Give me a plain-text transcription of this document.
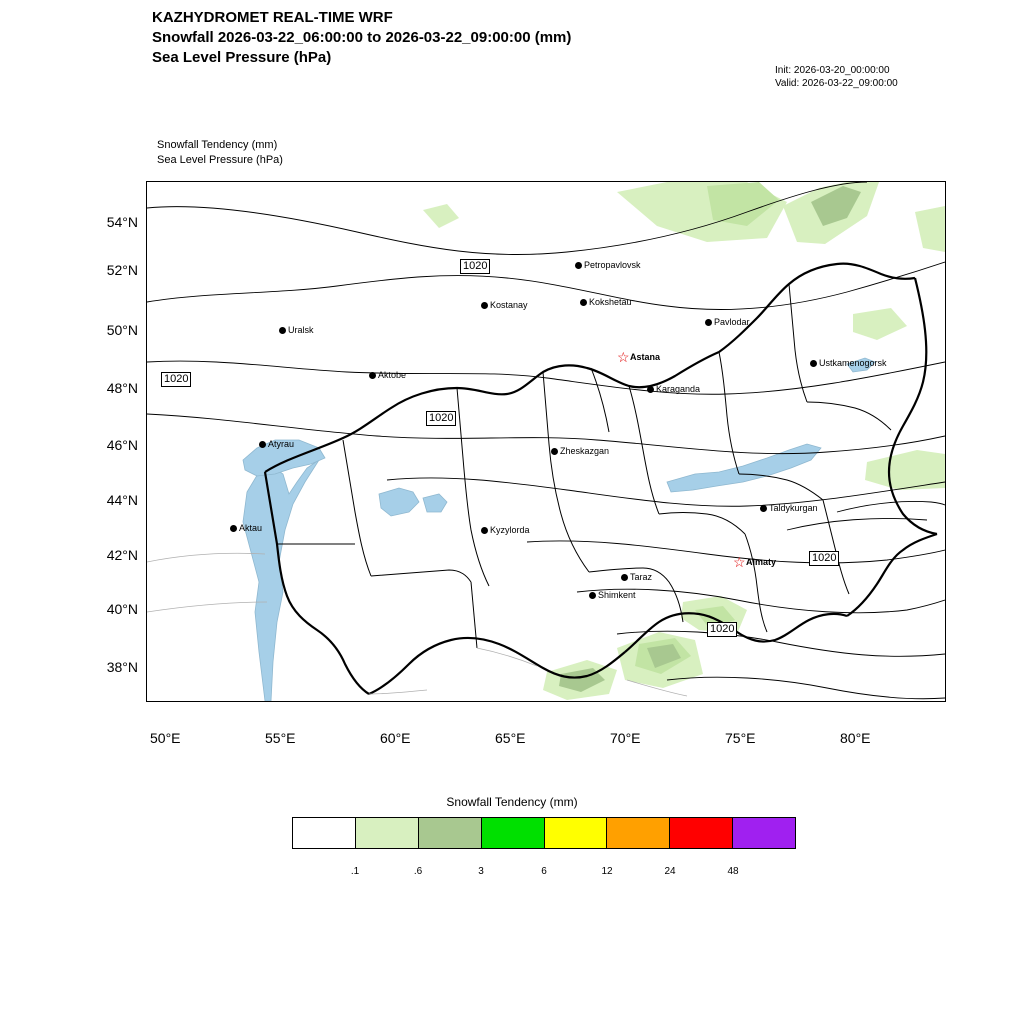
KAZHYDROMET REAL-TIME WRF
Snowfall 2026-03-22_06:00:00 to 2026-03-22_09:00:00 (mm)
Sea Level Pressure (hPa)
Init: 2026-03-20_00:00:00
Valid: 2026-03-22_09:00:00
Snowfall Tendency (mm)
Sea Level Pressure (hPa)
1020
1020
1020
1020
1020
Petropavlovsk
Kostanay	Kokshetau
Pavlodar
Uralsk
Ustkamenogorsk
☆ Astana
Aktobe
Karaganda
Atyrau
Zheskazgan
Taldykurgan
Aktau	Kyzylorda
☆ Almaty
Taraz
Shimkent
54°N
52°N
50°N
48°N
46°N
44°N
42°N
40°N
38°N
50°E	55°E	60°E	65°E	70°E	75°E	80°E
Snowfall Tendency (mm)
.1	.6	3	6	12	24	48
